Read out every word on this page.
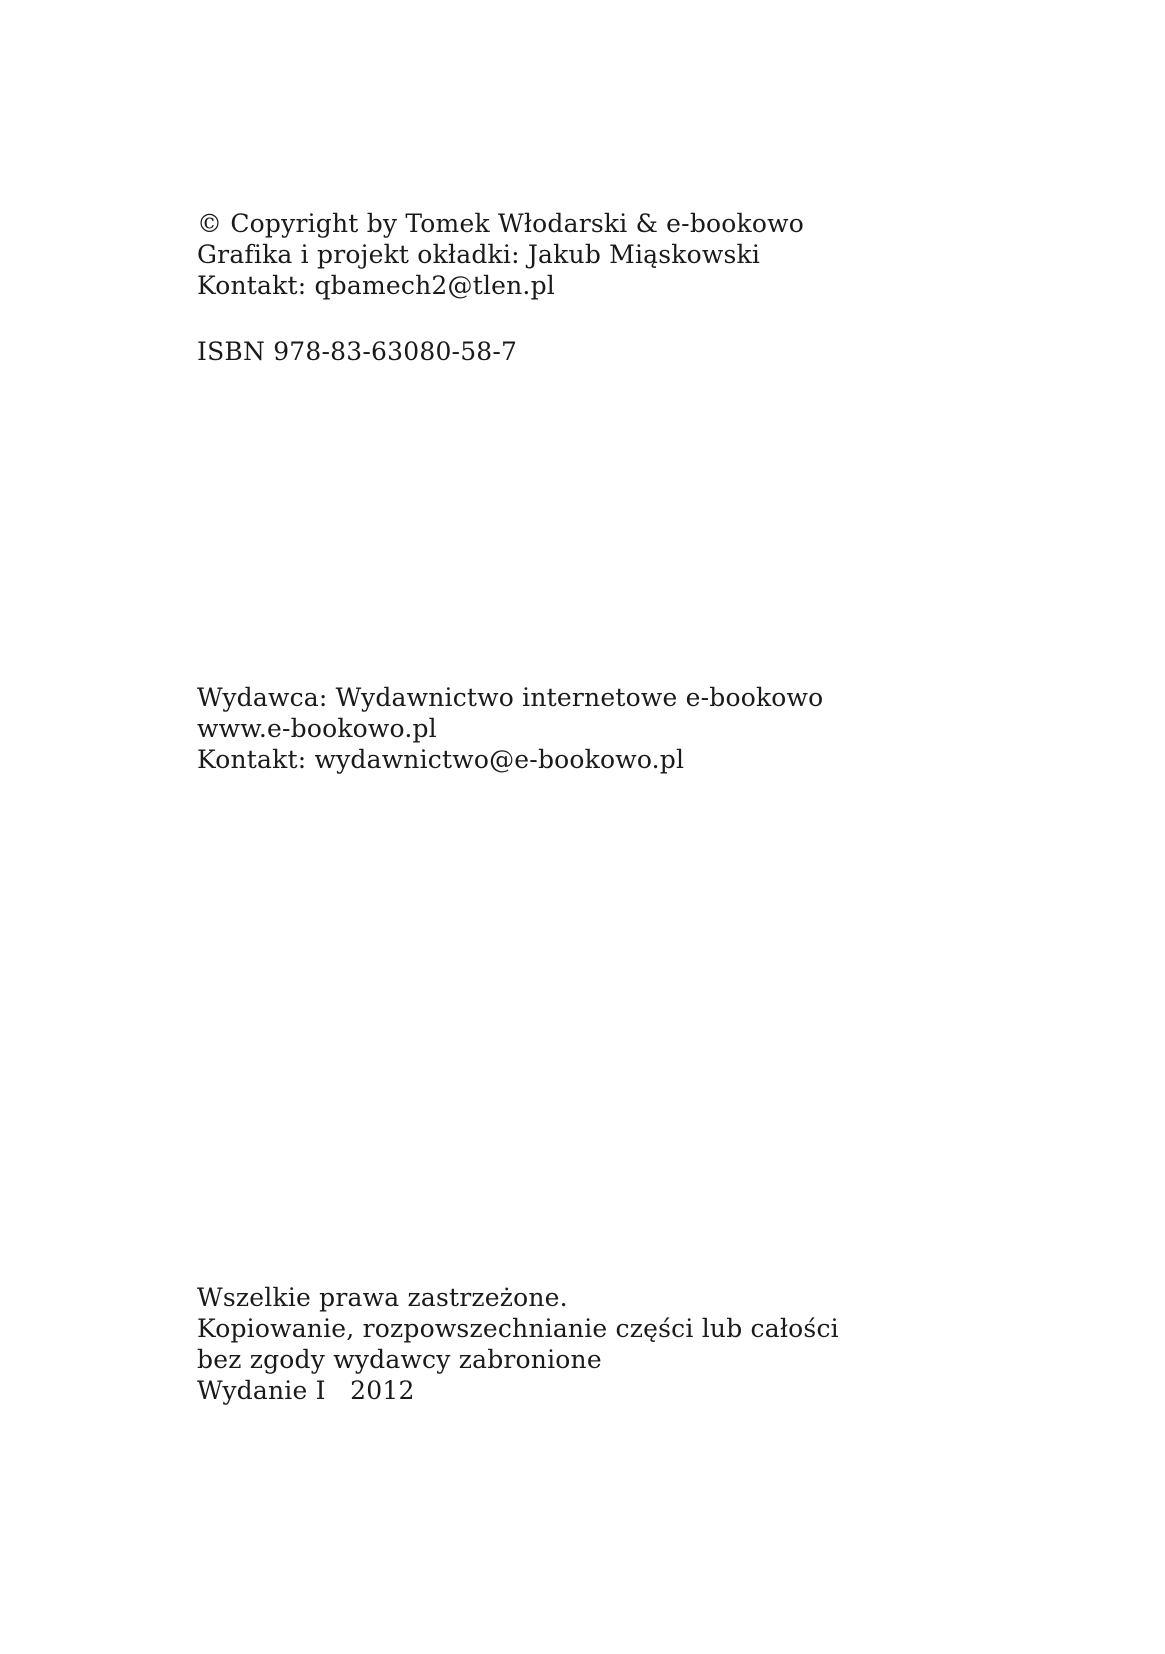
© Copyright by Tomek Włodarski & e-bookowo
Grafika i projekt okładki: Jakub Miąskowski
Kontakt: qbamech2@tlen.pl
ISBN 978-83-63080-58-7
Wydawca: Wydawnictwo internetowe e-bookowo
www.e-bookowo.pl
Kontakt: wydawnictwo@e-bookowo.pl
Wszelkie prawa zastrzeżone.
Kopiowanie, rozpowszechnianie części lub całości
bez zgody wydawcy zabronione
Wydanie I   2012
